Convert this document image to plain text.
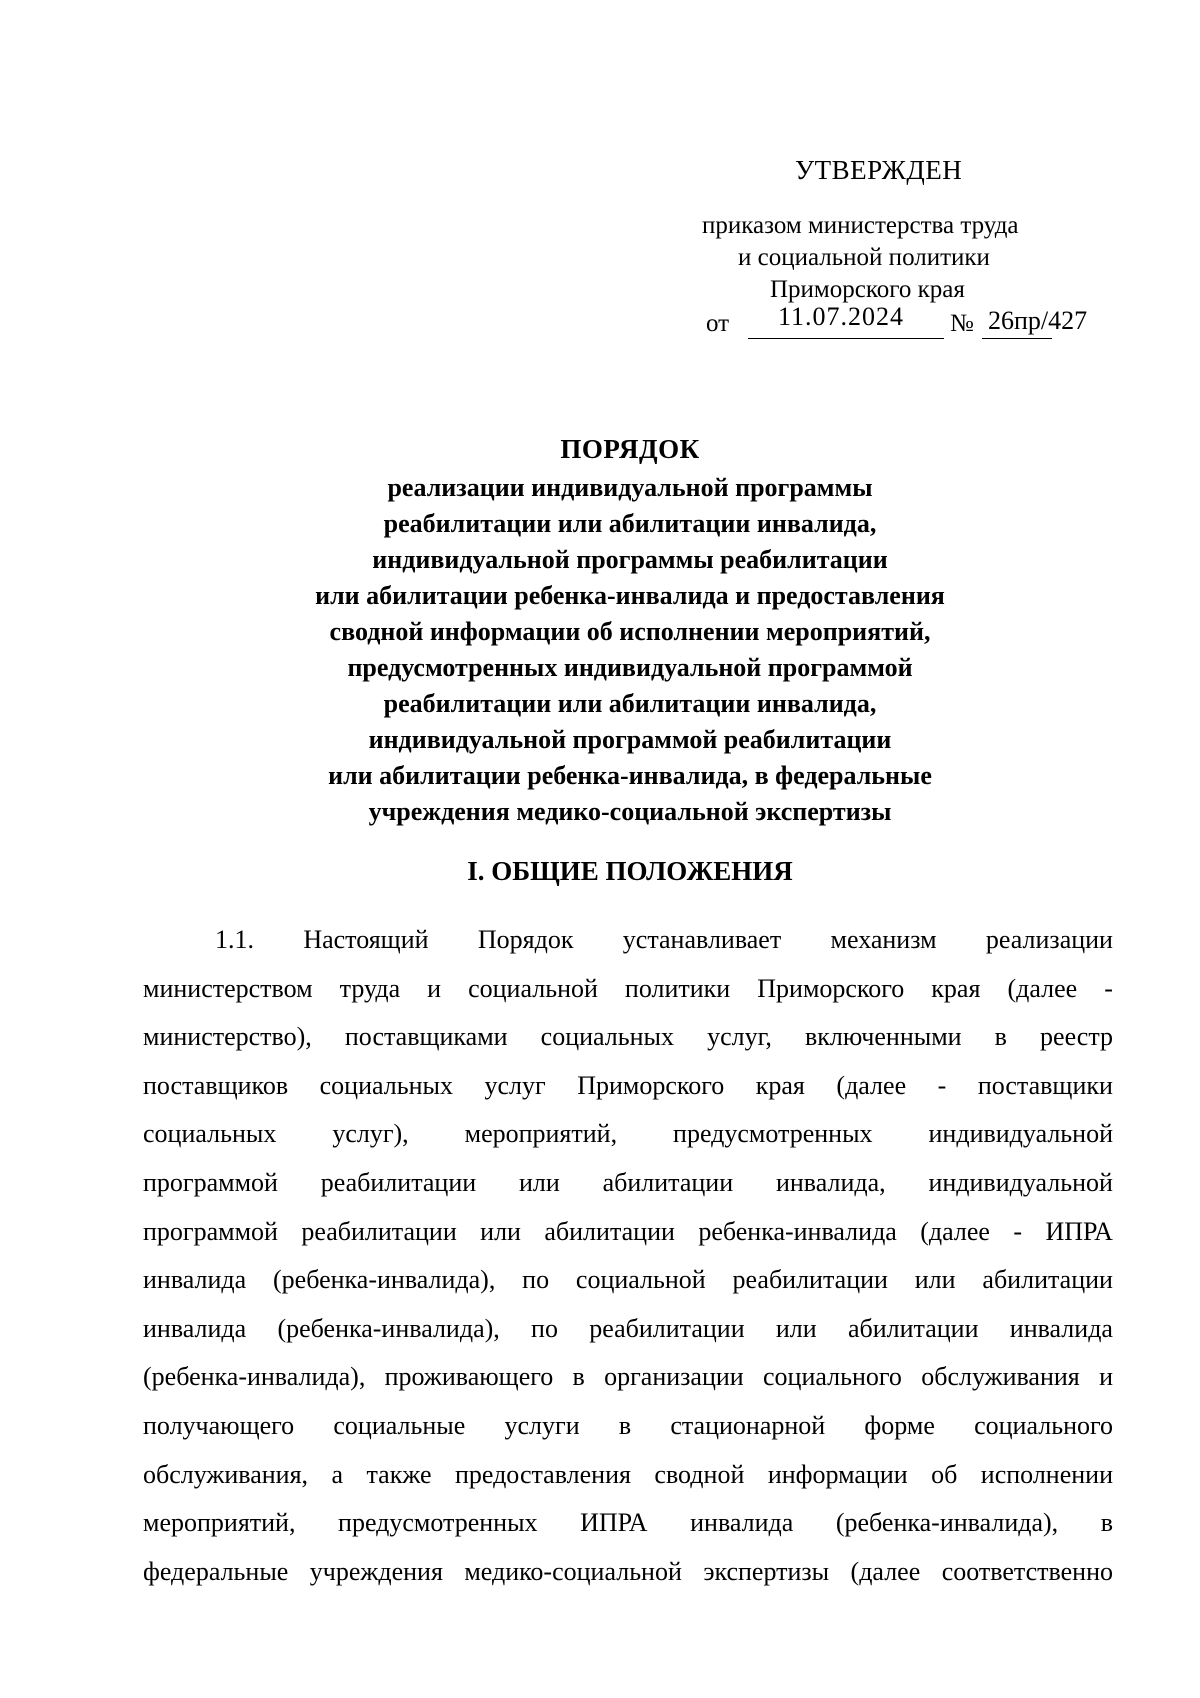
УТВЕРЖДЕН
приказом министерства труда
и социальной политики
Приморского края
от 11.07.2024 № 26пр/427
ПОРЯДОК
реализации индивидуальной программы
реабилитации или абилитации инвалида,
индивидуальной программы реабилитации
или абилитации ребенка-инвалида и предоставления
сводной информации об исполнении мероприятий,
предусмотренных индивидуальной программой
реабилитации или абилитации инвалида,
индивидуальной программой реабилитации
или абилитации ребенка-инвалида, в федеральные
учреждения медико-социальной экспертизы
I. ОБЩИЕ ПОЛОЖЕНИЯ
1.1. Настоящий Порядок устанавливает механизм реализации
министерством труда и социальной политики Приморского края (далее -
министерство), поставщиками социальных услуг, включенными в реестр
поставщиков социальных услуг Приморского края (далее - поставщики
социальных услуг), мероприятий, предусмотренных индивидуальной
программой реабилитации или абилитации инвалида, индивидуальной
программой реабилитации или абилитации ребенка-инвалида (далее - ИПРА
инвалида (ребенка-инвалида), по социальной реабилитации или абилитации
инвалида (ребенка-инвалида), по реабилитации или абилитации инвалида
(ребенка-инвалида), проживающего в организации социального обслуживания и
получающего социальные услуги в стационарной форме социального
обслуживания, а также предоставления сводной информации об исполнении
мероприятий, предусмотренных ИПРА инвалида (ребенка-инвалида), в
федеральные учреждения медико-социальной экспертизы (далее соответственно
